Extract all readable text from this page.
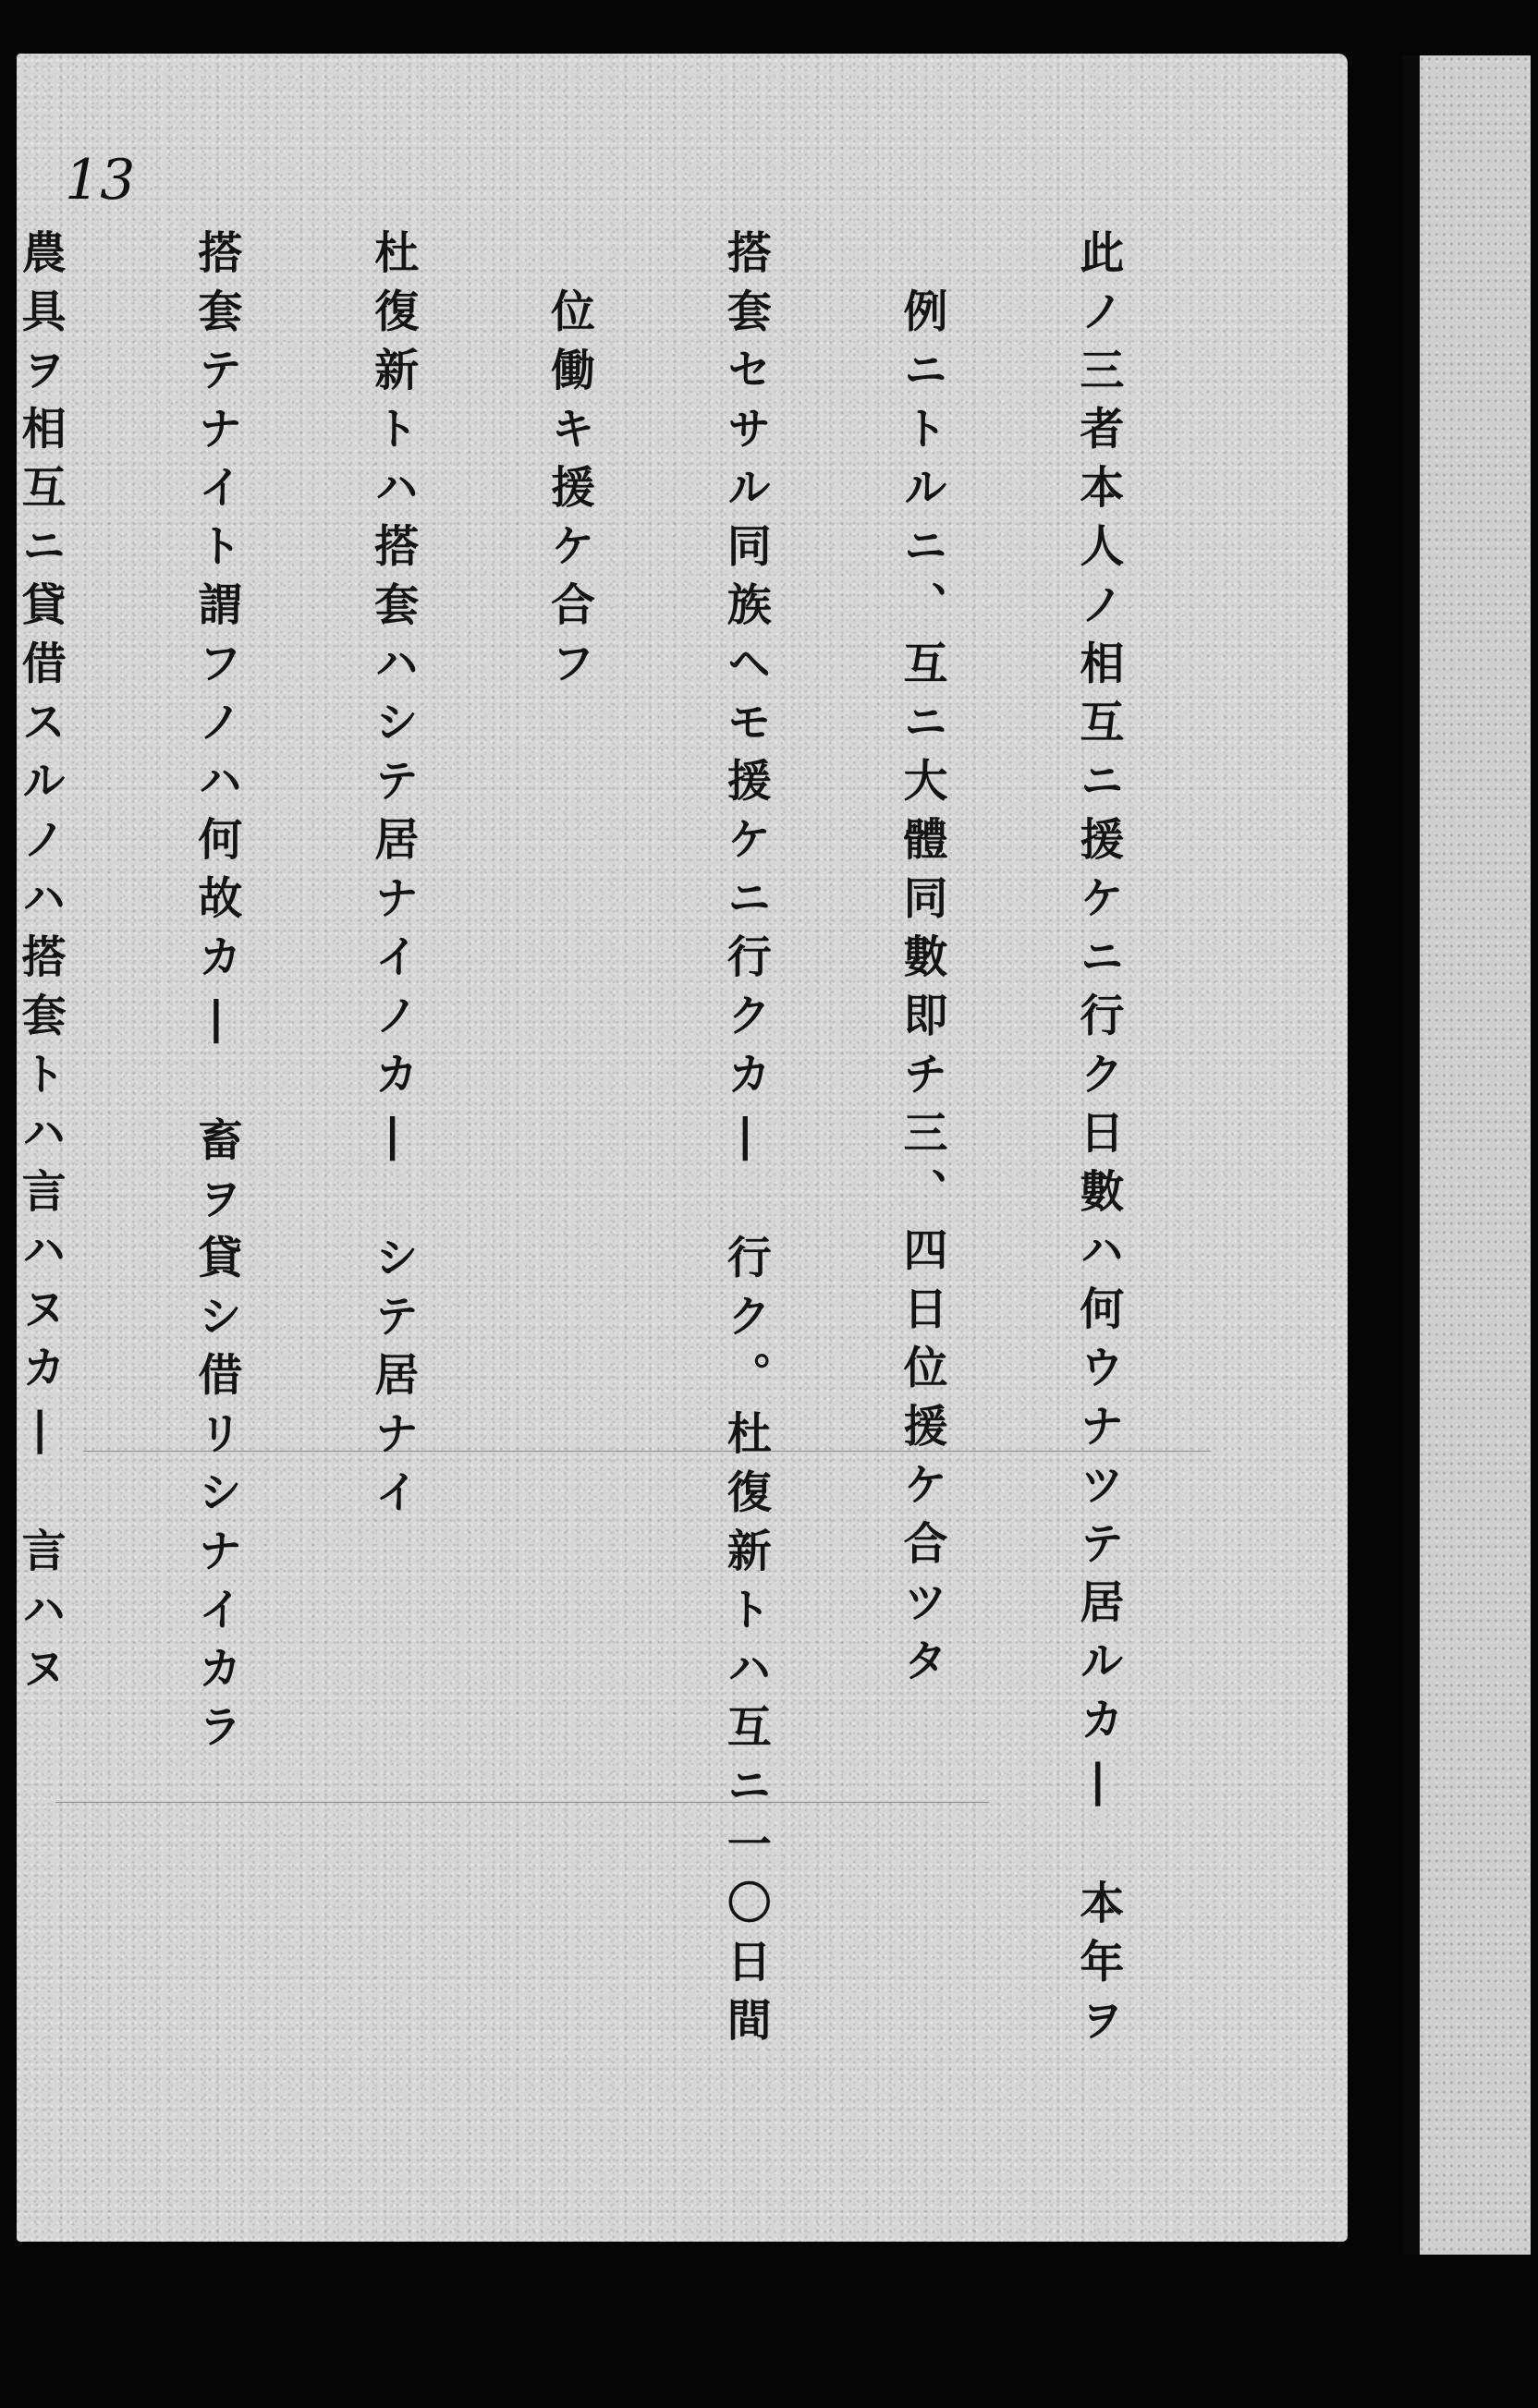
13

此ノ三者本人ノ相互ニ援ケニ行ク日數ハ何ウナツテ居ルカ|　本年ヲ

　例ニトルニ、互ニ大體同數即チ三、四日位援ケ合ツタ　　

搭套セサル同族ヘモ援ケニ行クカ|　行ク。杜復新トハ互ニ一〇日間

　位働キ援ケ合フ

杜復新トハ搭套ハシテ居ナイノカ|　シテ居ナイ

搭套テナイト謂フノハ何故カ|　畜ヲ貸シ借リシナイカラ

農具ヲ相互ニ貸借スルノハ搭套トハ言ハヌカ|　言ハヌ
